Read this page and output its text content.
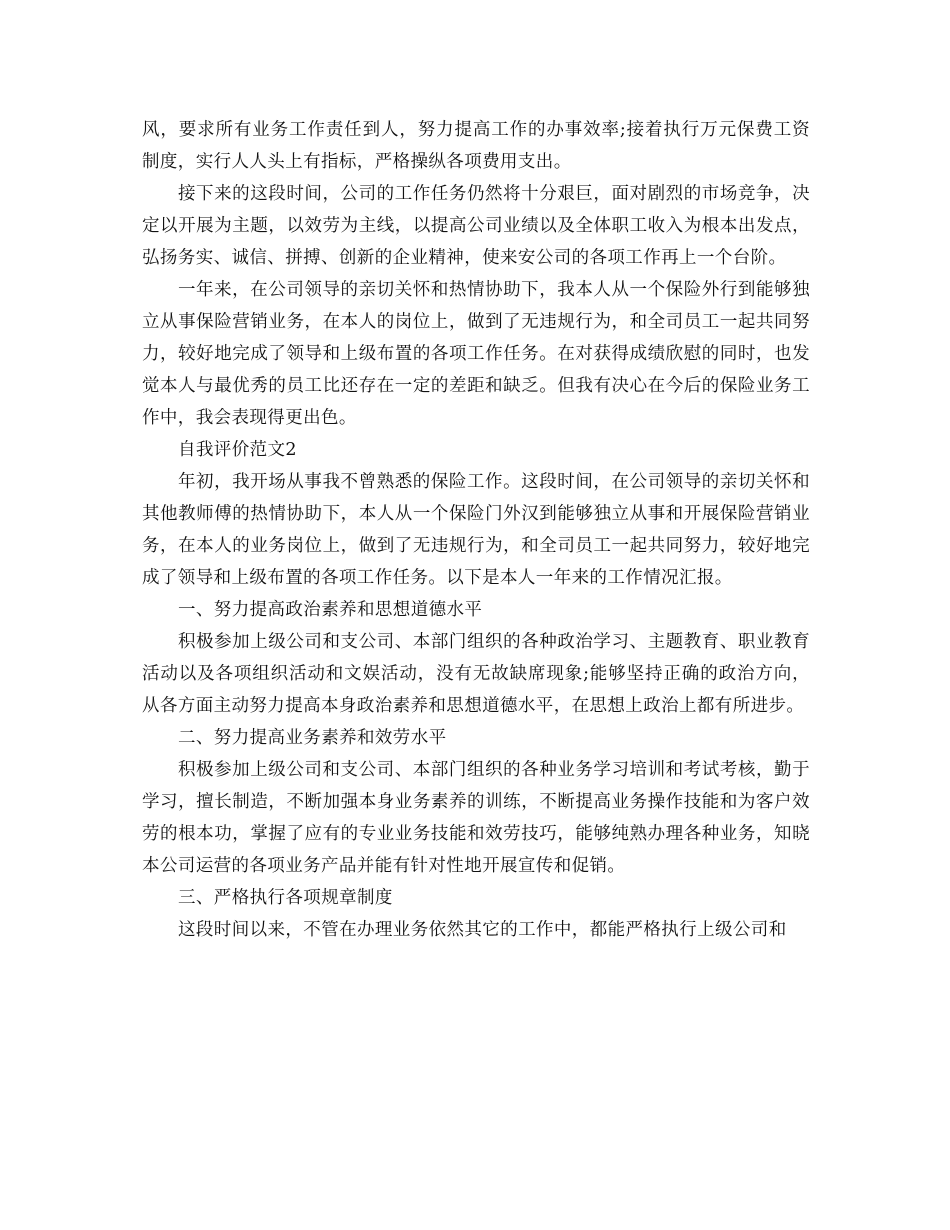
风，要求所有业务工作责任到人，努力提高工作的办事效率;接着执行万元保费工资制度，实行人人头上有指标，严格操纵各项费用支出。

接下来的这段时间，公司的工作任务仍然将十分艰巨，面对剧烈的市场竞争，决定以开展为主题，以效劳为主线，以提高公司业绩以及全体职工收入为根本出发点，弘扬务实、诚信、拼搏、创新的企业精神，使来安公司的各项工作再上一个台阶。

一年来，在公司领导的亲切关怀和热情协助下，我本人从一个保险外行到能够独立从事保险营销业务，在本人的岗位上，做到了无违规行为，和全司员工一起共同努力，较好地完成了领导和上级布置的各项工作任务。在对获得成绩欣慰的同时，也发觉本人与最优秀的员工比还存在一定的差距和缺乏。但我有决心在今后的保险业务工作中，我会表现得更出色。

自我评价范文2

年初，我开场从事我不曾熟悉的保险工作。这段时间，在公司领导的亲切关怀和其他教师傅的热情协助下，本人从一个保险门外汉到能够独立从事和开展保险营销业务，在本人的业务岗位上，做到了无违规行为，和全司员工一起共同努力，较好地完成了领导和上级布置的各项工作任务。以下是本人一年来的工作情况汇报。

一、努力提高政治素养和思想道德水平

积极参加上级公司和支公司、本部门组织的各种政治学习、主题教育、职业教育活动以及各项组织活动和文娱活动，没有无故缺席现象;能够坚持正确的政治方向，从各方面主动努力提高本身政治素养和思想道德水平，在思想上政治上都有所进步。

二、努力提高业务素养和效劳水平

积极参加上级公司和支公司、本部门组织的各种业务学习培训和考试考核，勤于学习，擅长制造，不断加强本身业务素养的训练，不断提高业务操作技能和为客户效劳的根本功，掌握了应有的专业业务技能和效劳技巧，能够纯熟办理各种业务，知晓本公司运营的各项业务产品并能有针对性地开展宣传和促销。

三、严格执行各项规章制度

这段时间以来，不管在办理业务依然其它的工作中，都能严格执行上级公司和
